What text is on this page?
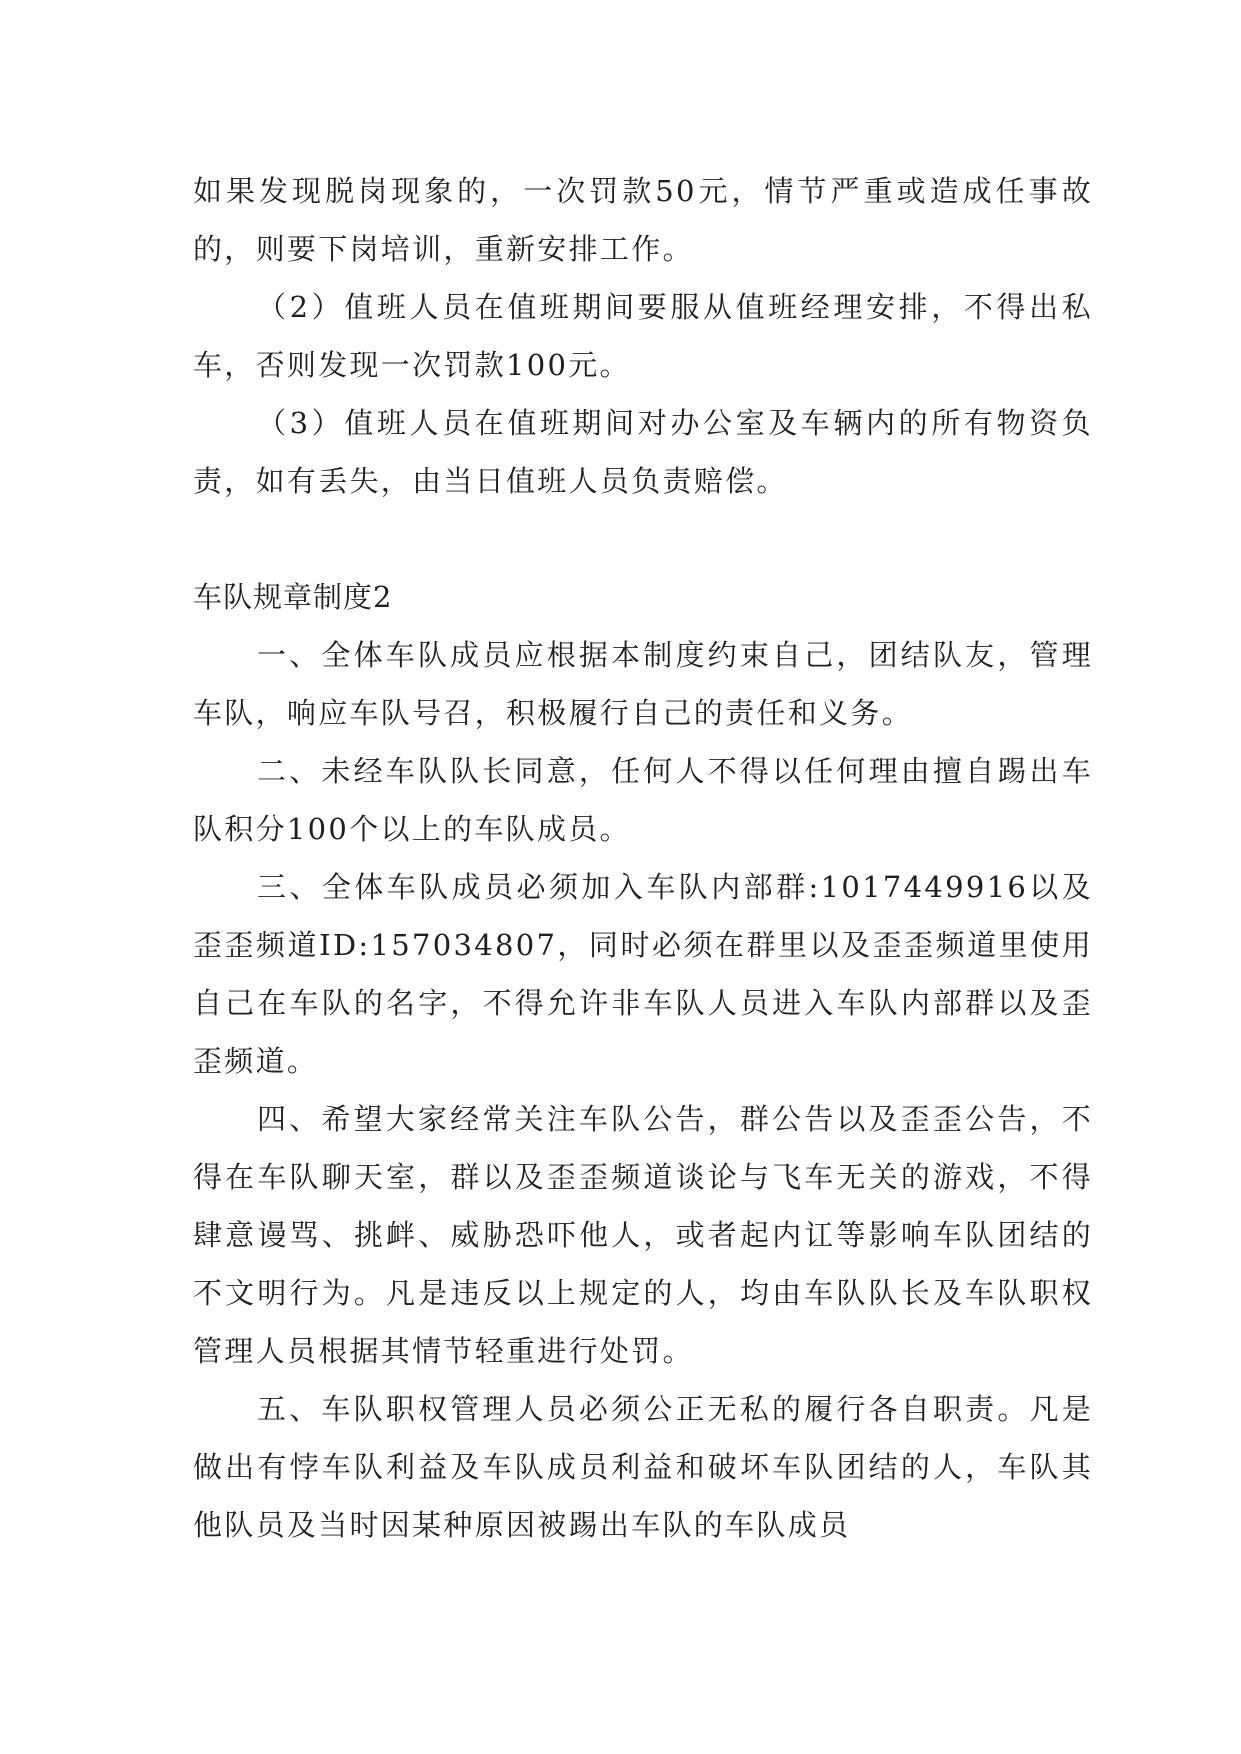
如果发现脱岗现象的，一次罚款50元，情节严重或造成任事故的，则要下岗培训，重新安排工作。

（2）值班人员在值班期间要服从值班经理安排，不得出私车，否则发现一次罚款100元。

（3）值班人员在值班期间对办公室及车辆内的所有物资负责，如有丢失，由当日值班人员负责赔偿。

车队规章制度2

一、全体车队成员应根据本制度约束自己，团结队友，管理车队，响应车队号召，积极履行自己的责任和义务。

二、未经车队队长同意，任何人不得以任何理由擅自踢出车队积分100个以上的车队成员。

三、全体车队成员必须加入车队内部群:1017449916以及歪歪频道ID:157034807，同时必须在群里以及歪歪频道里使用自己在车队的名字，不得允许非车队人员进入车队内部群以及歪歪频道。

四、希望大家经常关注车队公告，群公告以及歪歪公告，不得在车队聊天室，群以及歪歪频道谈论与飞车无关的游戏，不得肆意谩骂、挑衅、威胁恐吓他人，或者起内讧等影响车队团结的不文明行为。凡是违反以上规定的人，均由车队队长及车队职权管理人员根据其情节轻重进行处罚。

五、车队职权管理人员必须公正无私的履行各自职责。凡是做出有悖车队利益及车队成员利益和破坏车队团结的人，车队其他队员及当时因某种原因被踢出车队的车队成员
